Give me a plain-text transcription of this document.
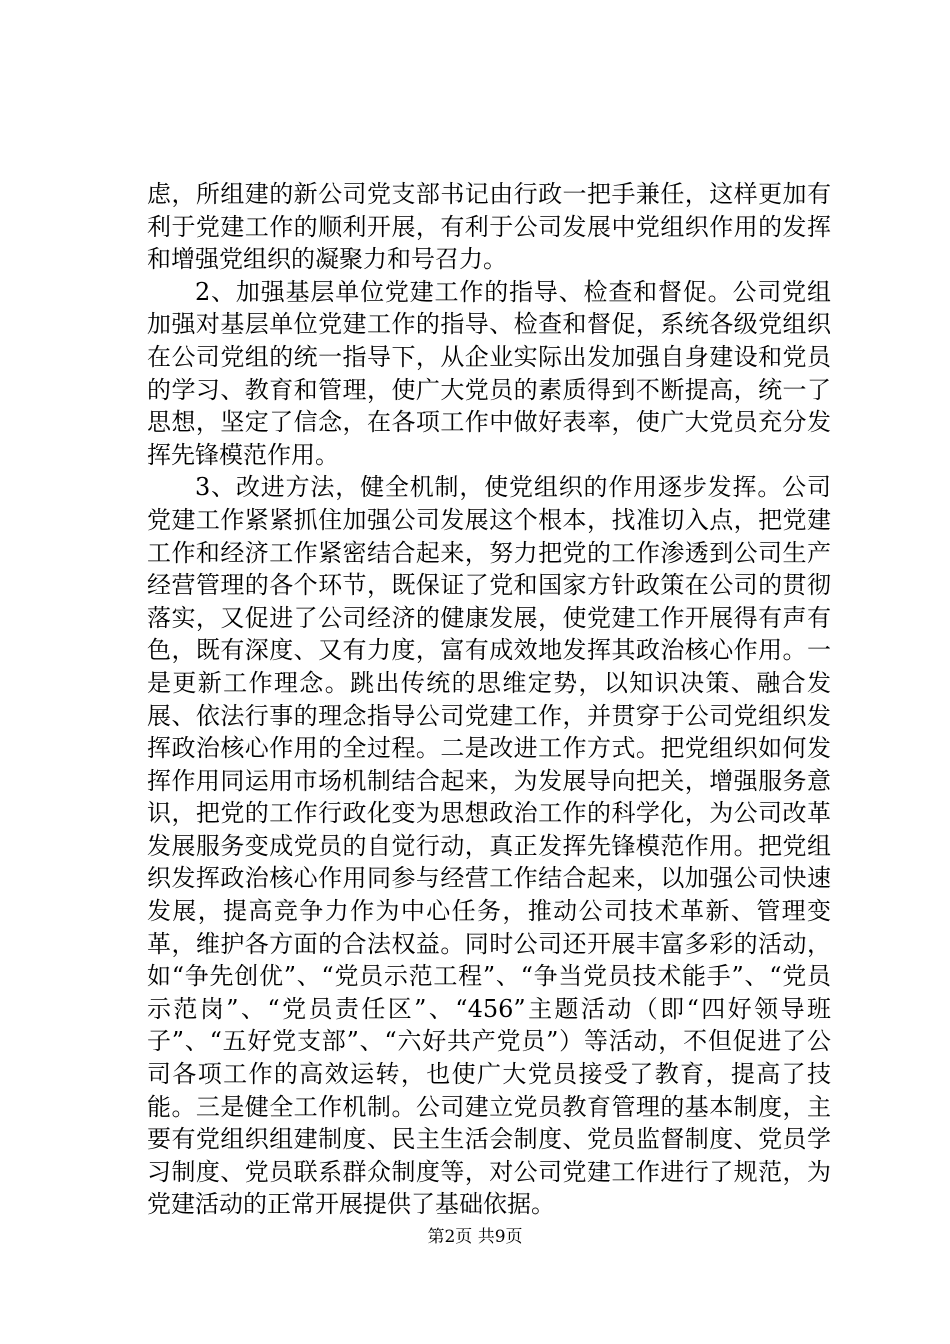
虑，所组建的新公司党支部书记由行政一把手兼任，这样更加有利于党建工作的顺利开展，有利于公司发展中党组织作用的发挥和增强党组织的凝聚力和号召力。

2、加强基层单位党建工作的指导、检查和督促。公司党组加强对基层单位党建工作的指导、检查和督促，系统各级党组织在公司党组的统一指导下，从企业实际出发加强自身建设和党员的学习、教育和管理，使广大党员的素质得到不断提高，统一了思想，坚定了信念，在各项工作中做好表率，使广大党员充分发挥先锋模范作用。

3、改进方法，健全机制，使党组织的作用逐步发挥。公司党建工作紧紧抓住加强公司发展这个根本，找准切入点，把党建工作和经济工作紧密结合起来，努力把党的工作渗透到公司生产经营管理的各个环节，既保证了党和国家方针政策在公司的贯彻落实，又促进了公司经济的健康发展，使党建工作开展得有声有色，既有深度、又有力度，富有成效地发挥其政治核心作用。一是更新工作理念。跳出传统的思维定势，以知识决策、融合发展、依法行事的理念指导公司党建工作，并贯穿于公司党组织发挥政治核心作用的全过程。二是改进工作方式。把党组织如何发挥作用同运用市场机制结合起来，为发展导向把关，增强服务意识，把党的工作行政化变为思想政治工作的科学化，为公司改革发展服务变成党员的自觉行动，真正发挥先锋模范作用。把党组织发挥政治核心作用同参与经营工作结合起来，以加强公司快速发展，提高竞争力作为中心任务，推动公司技术革新、管理变革，维护各方面的合法权益。同时公司还开展丰富多彩的活动，如“争先创优”、“党员示范工程”、“争当党员技术能手”、“党员示范岗”、“党员责任区”、“456”主题活动（即“四好领导班子”、“五好党支部”、“六好共产党员”）等活动，不但促进了公司各项工作的高效运转，也使广大党员接受了教育，提高了技能。三是健全工作机制。公司建立党员教育管理的基本制度，主要有党组织组建制度、民主生活会制度、党员监督制度、党员学习制度、党员联系群众制度等，对公司党建工作进行了规范，为党建活动的正常开展提供了基础依据。

第2页 共9页
